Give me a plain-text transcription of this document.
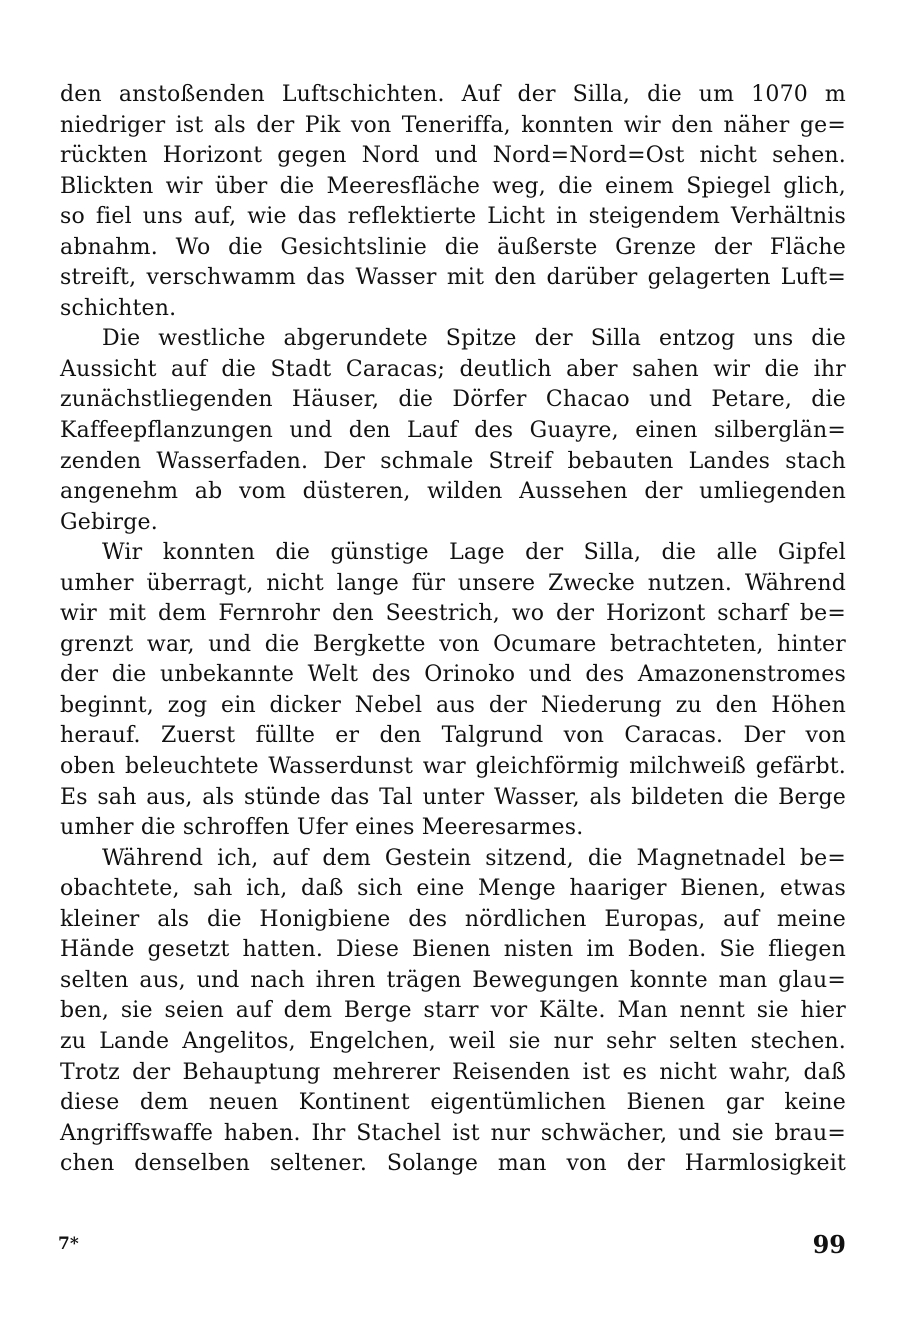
den anstoßenden Luftschichten. Auf der Silla, die um 1070 m
niedriger ist als der Pik von Teneriffa, konnten wir den näher ge=
rückten Horizont gegen Nord und Nord=Nord=Ost nicht sehen.
Blickten wir über die Meeresfläche weg, die einem Spiegel glich,
so fiel uns auf, wie das reflektierte Licht in steigendem Verhältnis
abnahm. Wo die Gesichtslinie die äußerste Grenze der Fläche
streift, verschwamm das Wasser mit den darüber gelagerten Luft=
schichten.
Die westliche abgerundete Spitze der Silla entzog uns die
Aussicht auf die Stadt Caracas; deutlich aber sahen wir die ihr
zunächstliegenden Häuser, die Dörfer Chacao und Petare, die
Kaffeepflanzungen und den Lauf des Guayre, einen silberglän=
zenden Wasserfaden. Der schmale Streif bebauten Landes stach
angenehm ab vom düsteren, wilden Aussehen der umliegenden
Gebirge.
Wir konnten die günstige Lage der Silla, die alle Gipfel
umher überragt, nicht lange für unsere Zwecke nutzen. Während
wir mit dem Fernrohr den Seestrich, wo der Horizont scharf be=
grenzt war, und die Bergkette von Ocumare betrachteten, hinter
der die unbekannte Welt des Orinoko und des Amazonenstromes
beginnt, zog ein dicker Nebel aus der Niederung zu den Höhen
herauf. Zuerst füllte er den Talgrund von Caracas. Der von
oben beleuchtete Wasserdunst war gleichförmig milchweiß gefärbt.
Es sah aus, als stünde das Tal unter Wasser, als bildeten die Berge
umher die schroffen Ufer eines Meeresarmes.
Während ich, auf dem Gestein sitzend, die Magnetnadel be=
obachtete, sah ich, daß sich eine Menge haariger Bienen, etwas
kleiner als die Honigbiene des nördlichen Europas, auf meine
Hände gesetzt hatten. Diese Bienen nisten im Boden. Sie fliegen
selten aus, und nach ihren trägen Bewegungen konnte man glau=
ben, sie seien auf dem Berge starr vor Kälte. Man nennt sie hier
zu Lande Angelitos, Engelchen, weil sie nur sehr selten stechen.
Trotz der Behauptung mehrerer Reisenden ist es nicht wahr, daß
diese dem neuen Kontinent eigentümlichen Bienen gar keine
Angriffswaffe haben. Ihr Stachel ist nur schwächer, und sie brau=
chen denselben seltener. Solange man von der Harmlosigkeit
7*	99
